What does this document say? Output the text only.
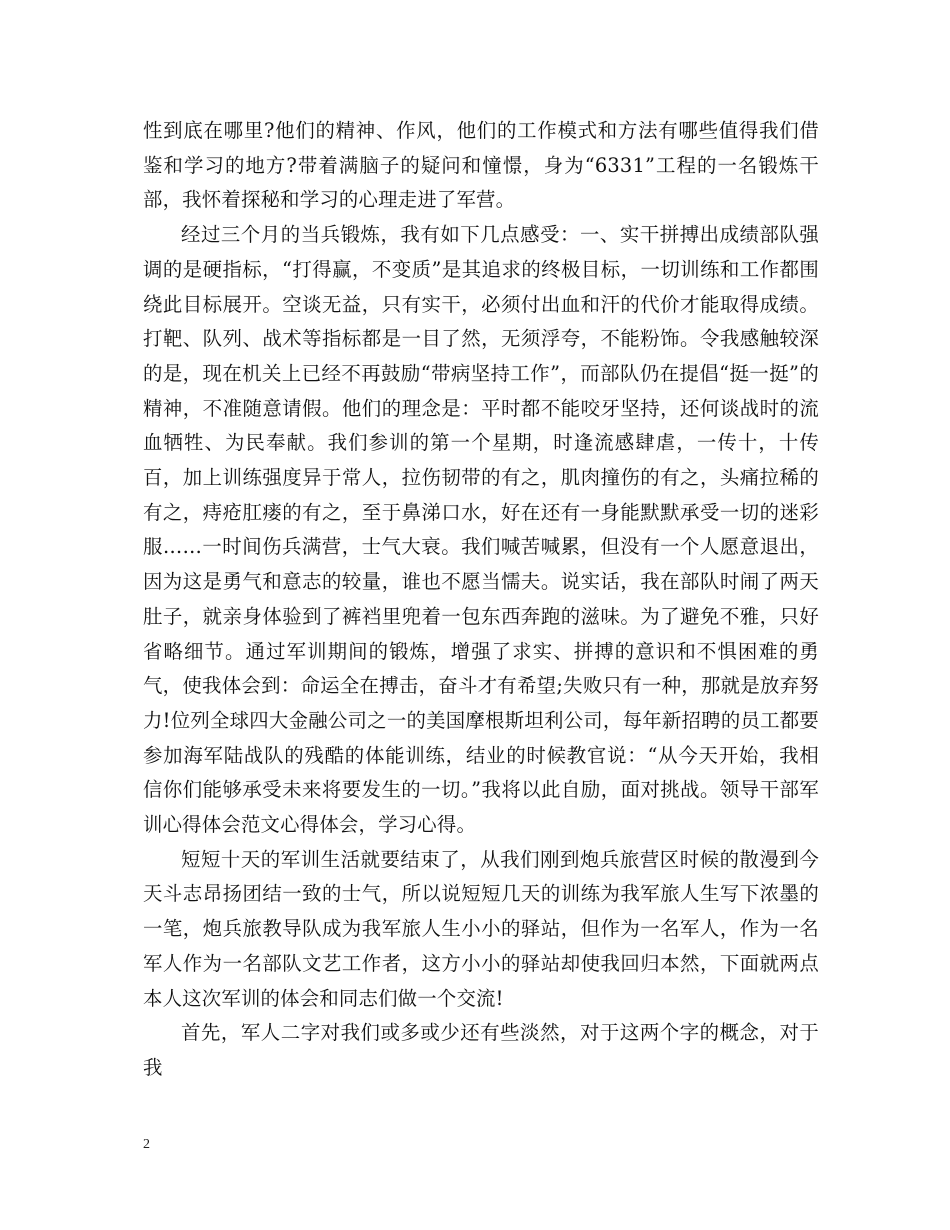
性到底在哪里?他们的精神、作风，他们的工作模式和方法有哪些值得我们借鉴和学习的地方?带着满脑子的疑问和憧憬，身为“6331”工程的一名锻炼干部，我怀着探秘和学习的心理走进了军营。

经过三个月的当兵锻炼，我有如下几点感受：一、实干拼搏出成绩部队强调的是硬指标，“打得赢，不变质”是其追求的终极目标，一切训练和工作都围绕此目标展开。空谈无益，只有实干，必须付出血和汗的代价才能取得成绩。打靶、队列、战术等指标都是一目了然，无须浮夸，不能粉饰。令我感触较深的是，现在机关上已经不再鼓励“带病坚持工作”，而部队仍在提倡“挺一挺”的精神，不准随意请假。他们的理念是：平时都不能咬牙坚持，还何谈战时的流血牺牲、为民奉献。我们参训的第一个星期，时逢流感肆虐，一传十，十传百，加上训练强度异于常人，拉伤韧带的有之，肌肉撞伤的有之，头痛拉稀的有之，痔疮肛瘘的有之，至于鼻涕口水，好在还有一身能默默承受一切的迷彩服……一时间伤兵满营，士气大衰。我们喊苦喊累，但没有一个人愿意退出，因为这是勇气和意志的较量，谁也不愿当懦夫。说实话，我在部队时闹了两天肚子，就亲身体验到了裤裆里兜着一包东西奔跑的滋味。为了避免不雅，只好省略细节。通过军训期间的锻炼，增强了求实、拼搏的意识和不惧困难的勇气，使我体会到：命运全在搏击，奋斗才有希望;失败只有一种，那就是放弃努力!位列全球四大金融公司之一的美国摩根斯坦利公司，每年新招聘的员工都要参加海军陆战队的残酷的体能训练，结业的时候教官说：“从今天开始，我相信你们能够承受未来将要发生的一切。”我将以此自励，面对挑战。领导干部军训心得体会范文心得体会，学习心得。

短短十天的军训生活就要结束了，从我们刚到炮兵旅营区时候的散漫到今天斗志昂扬团结一致的士气，所以说短短几天的训练为我军旅人生写下浓墨的一笔，炮兵旅教导队成为我军旅人生小小的驿站，但作为一名军人，作为一名军人作为一名部队文艺工作者，这方小小的驿站却使我回归本然，下面就两点本人这次军训的体会和同志们做一个交流!

首先，军人二字对我们或多或少还有些淡然，对于这两个字的概念，对于我

2
